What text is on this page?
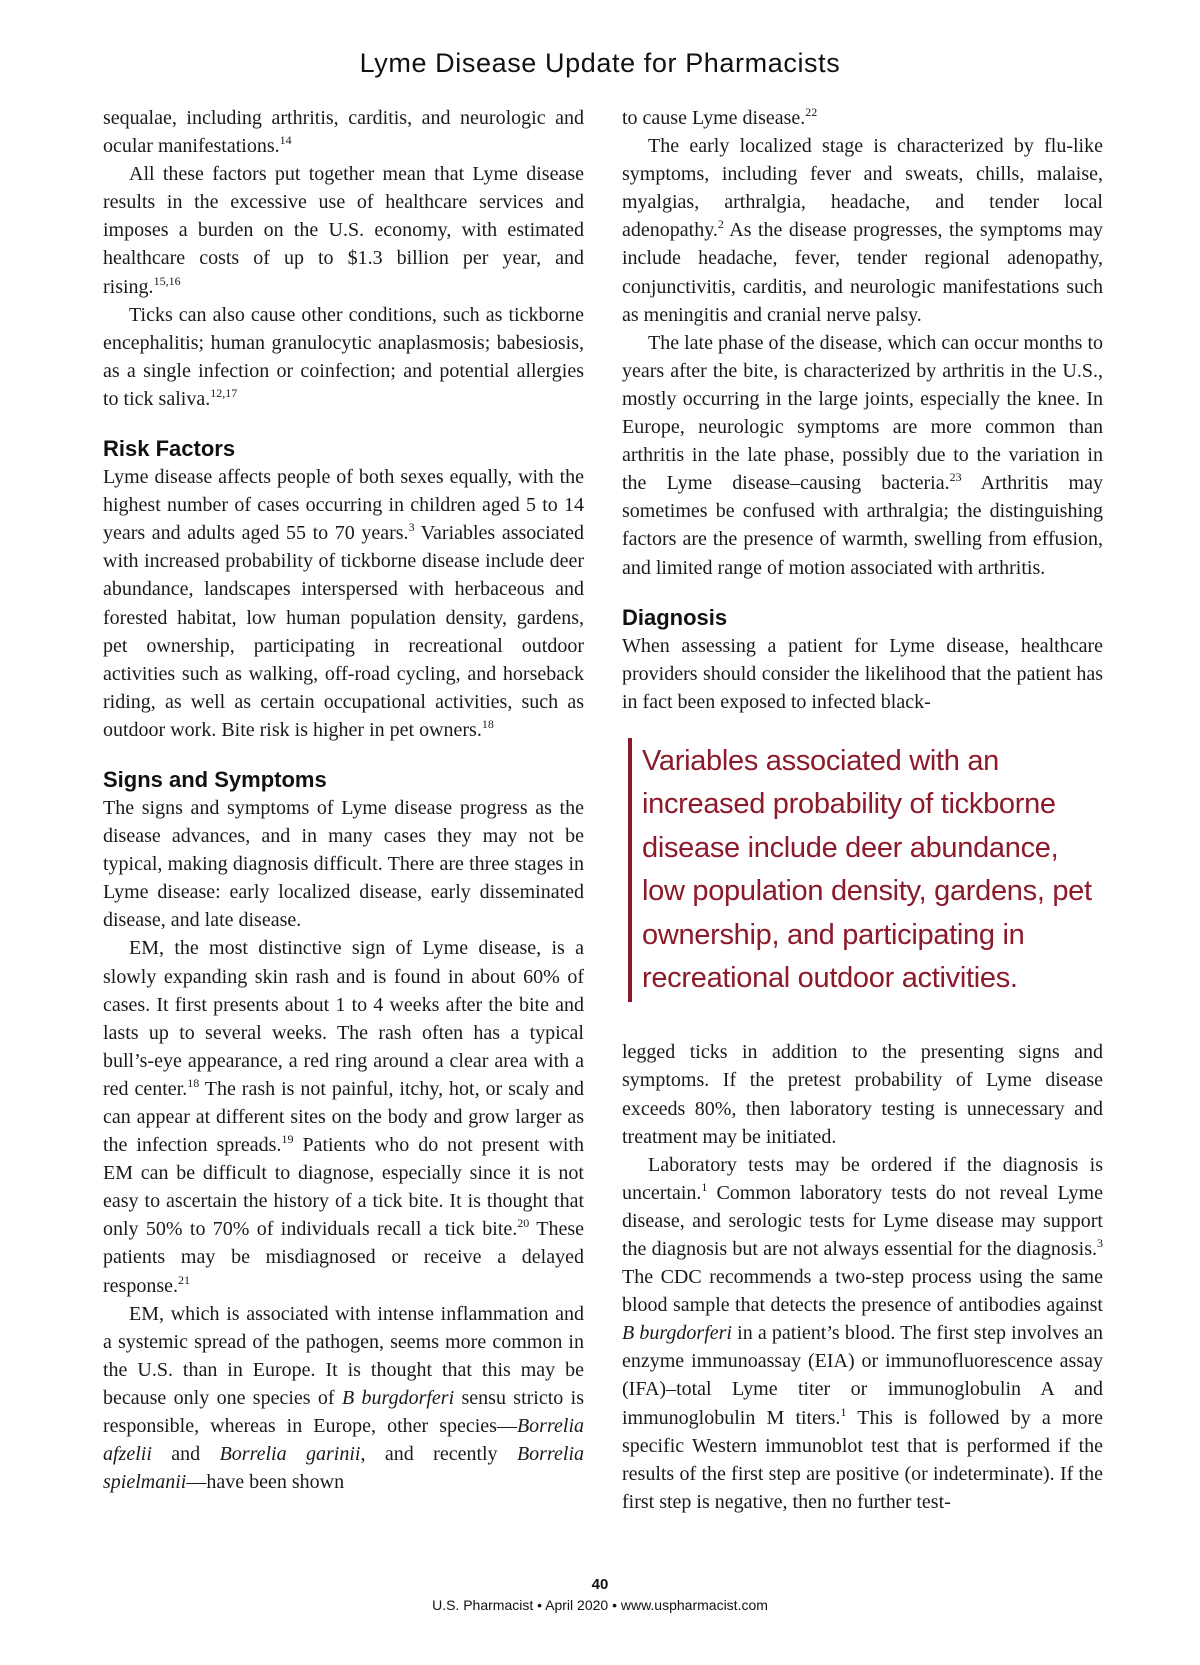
Lyme Disease Update for Pharmacists

sequalae, including arthritis, carditis, and neurologic and ocular manifestations.$^{14}$

All these factors put together mean that Lyme disease results in the excessive use of healthcare services and imposes a burden on the U.S. economy, with estimated healthcare costs of up to $1.3 billion per year, and rising.$^{15,16}$

Ticks can also cause other conditions, such as tickborne encephalitis; human granulocytic anaplasmosis; babesiosis, as a single infection or coinfection; and potential allergies to tick saliva.$^{12,17}$

Risk Factors

Lyme disease affects people of both sexes equally, with the highest number of cases occurring in children aged 5 to 14 years and adults aged 55 to 70 years.$^3$ Variables associated with increased probability of tickborne disease include deer abundance, landscapes interspersed with herbaceous and forested habitat, low human population density, gardens, pet ownership, participating in recreational outdoor activities such as walking, off-road cycling, and horseback riding, as well as certain occupational activities, such as outdoor work. Bite risk is higher in pet owners.$^{18}$

Signs and Symptoms

The signs and symptoms of Lyme disease progress as the disease advances, and in many cases they may not be typical, making diagnosis difficult. There are three stages in Lyme disease: early localized disease, early disseminated disease, and late disease.

EM, the most distinctive sign of Lyme disease, is a slowly expanding skin rash and is found in about 60% of cases. It first presents about 1 to 4 weeks after the bite and lasts up to several weeks. The rash often has a typical bull’s-eye appearance, a red ring around a clear area with a red center.$^{18}$ The rash is not painful, itchy, hot, or scaly and can appear at different sites on the body and grow larger as the infection spreads.$^{19}$ Patients who do not present with EM can be difficult to diagnose, especially since it is not easy to ascertain the history of a tick bite. It is thought that only 50% to 70% of individuals recall a tick bite.$^{20}$ These patients may be misdiagnosed or receive a delayed response.$^{21}$

EM, which is associated with intense inflammation and a systemic spread of the pathogen, seems more common in the U.S. than in Europe. It is thought that this may be because only one species of B burgdorferi sensu stricto is responsible, whereas in Europe, other species—Borrelia afzelii and Borrelia garinii, and recently Borrelia spielmanii—have been shown

to cause Lyme disease.$^{22}$

The early localized stage is characterized by flu-like symptoms, including fever and sweats, chills, malaise, myalgias, arthralgia, headache, and tender local adenopathy.$^2$ As the disease progresses, the symptoms may include headache, fever, tender regional adenopathy, conjunctivitis, carditis, and neurologic manifestations such as meningitis and cranial nerve palsy.

The late phase of the disease, which can occur months to years after the bite, is characterized by arthritis in the U.S., mostly occurring in the large joints, especially the knee. In Europe, neurologic symptoms are more common than arthritis in the late phase, possibly due to the variation in the Lyme disease–causing bacteria.$^{23}$ Arthritis may sometimes be confused with arthralgia; the distinguishing factors are the presence of warmth, swelling from effusion, and limited range of motion associated with arthritis.

Diagnosis

When assessing a patient for Lyme disease, healthcare providers should consider the likelihood that the patient has in fact been exposed to infected black-

Variables associated with an increased probability of tickborne disease include deer abundance, low population density, gardens, pet ownership, and participating in recreational outdoor activities.

legged ticks in addition to the presenting signs and symptoms. If the pretest probability of Lyme disease exceeds 80%, then laboratory testing is unnecessary and treatment may be initiated.

Laboratory tests may be ordered if the diagnosis is uncertain.$^1$ Common laboratory tests do not reveal Lyme disease, and serologic tests for Lyme disease may support the diagnosis but are not always essential for the diagnosis.$^3$ The CDC recommends a two-step process using the same blood sample that detects the presence of antibodies against B burgdorferi in a patient’s blood. The first step involves an enzyme immunoassay (EIA) or immunofluorescence assay (IFA)–total Lyme titer or immunoglobulin A and immunoglobulin M titers.$^1$ This is followed by a more specific Western immunoblot test that is performed if the results of the first step are positive (or indeterminate). If the first step is negative, then no further test-

40
U.S. Pharmacist • April 2020 • www.uspharmacist.com
